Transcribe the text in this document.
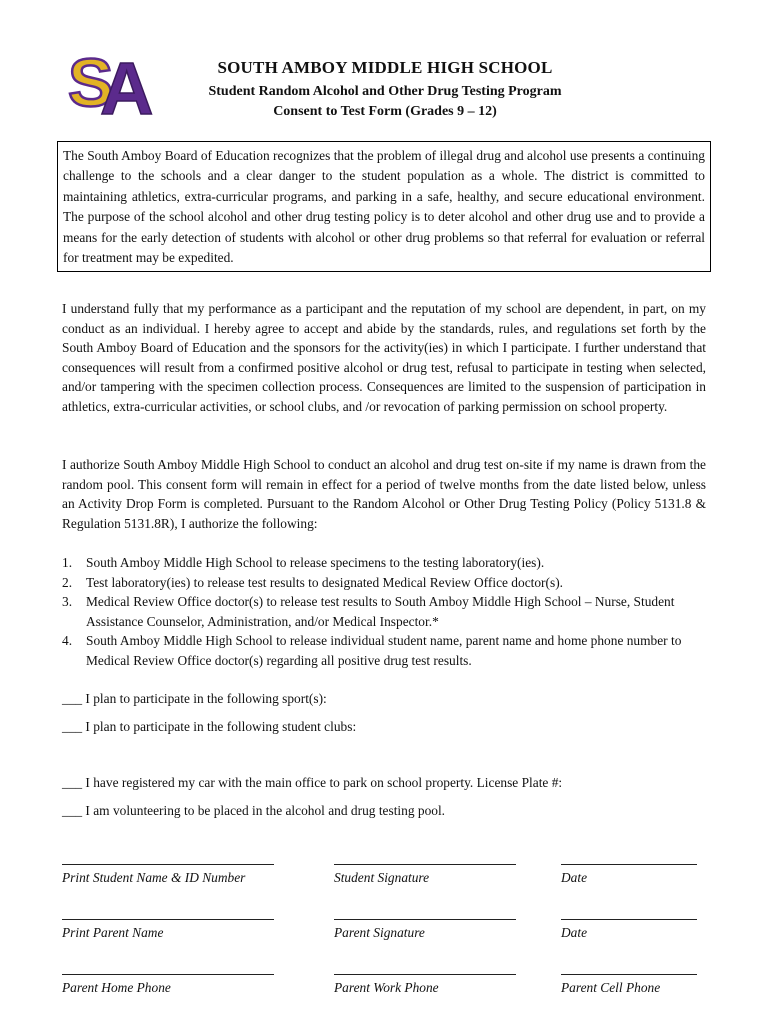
S
A	SOUTH AMBOY MIDDLE HIGH SCHOOL
Student Random Alcohol and Other Drug Testing Program
Consent to Test Form (Grades 9 – 12)
The South Amboy Board of Education recognizes that the problem of illegal drug and alcohol use presents a continuing challenge to the schools and a clear danger to the student population as a whole. The district is committed to maintaining athletics, extra-curricular programs, and parking in a safe, healthy, and secure educational environment. The purpose of the school alcohol and other drug testing policy is to deter alcohol and other drug use and to provide a means for the early detection of students with alcohol or other drug problems so that referral for evaluation or referral for treatment may be expedited.
I understand fully that my performance as a participant and the reputation of my school are dependent, in part, on my conduct as an individual. I hereby agree to accept and abide by the standards, rules, and regulations set forth by the South Amboy Board of Education and the sponsors for the activity(ies) in which I participate. I further understand that consequences will result from a confirmed positive alcohol or drug test, refusal to participate in testing when selected, and/or tampering with the specimen collection process. Consequences are limited to the suspension of participation in athletics, extra-curricular activities, or school clubs, and /or revocation of parking permission on school property.
I authorize South Amboy Middle High School to conduct an alcohol and drug test on-site if my name is drawn from the random pool. This consent form will remain in effect for a period of twelve months from the date listed below, unless an Activity Drop Form is completed. Pursuant to the Random Alcohol or Other Drug Testing Policy (Policy 5131.8 & Regulation 5131.8R), I authorize the following:
1. South Amboy Middle High School to release specimens to the testing laboratory(ies).
2. Test laboratory(ies) to release test results to designated Medical Review Office doctor(s).
3. Medical Review Office doctor(s) to release test results to South Amboy Middle High School – Nurse, Student Assistance Counselor, Administration, and/or Medical Inspector.*
4. South Amboy Middle High School to release individual student name, parent name and home phone number to Medical Review Office doctor(s) regarding all positive drug test results.
___ I plan to participate in the following sport(s):
___ I plan to participate in the following student clubs:
___ I have registered my car with the main office to park on school property. License Plate #:
___ I am volunteering to be placed in the alcohol and drug testing pool.
Print Student Name & ID Number	Student Signature	Date
Print Parent Name	Parent Signature	Date
Parent Home Phone	Parent Work Phone	Parent Cell Phone
